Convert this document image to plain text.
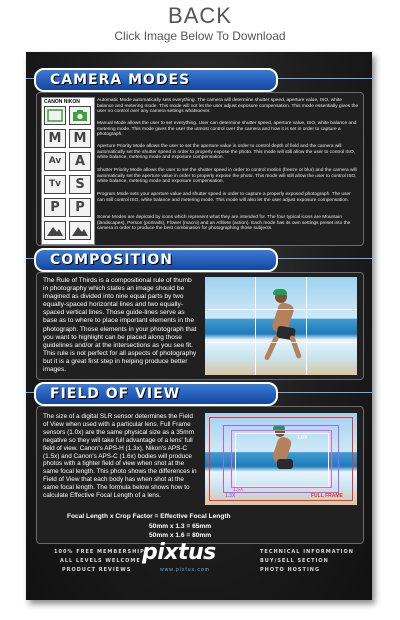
BACK
Click Image Below To Download
CAMERA MODES
CANON NIKON
M M
Av	A
Tv	S
P	P
Automatic Mode automatically sets everything. The camera will determine shutter speed, aperture value, ISO, white balance and metering mode. This mode will not let the user adjust exposure compensation. This mode essentially gives the user no control over any camera settings whatsoever.
Manual Mode allows the user to set everything. User can determine shutter speed, aperture value, ISO, white balance and metering mode. This mode gives the user the utmost control over the camera and how it is set in order to capture a photograph.
Aperture Priority Mode allows the user to set the aperture value in order to control depth of field and the camera will automatically set the shutter speed in order to properly expose the photo. This mode will still allow the user to control ISO, white balance, metering mode and exposure compensation.
Shutter Priority Mode allows the user to set the shutter speed in order to control motion (freeze or blur) and the camera will automatically set the aperture value in order to properly expose the photo. This mode will still allow the user to control ISO, white balance, metering mode and exposure compensation.
Program Mode sets your aperture value and shutter speed in order to capture a properly exposed photograph. The user can still control ISO, white balance and metering mode. This mode will also let the user adjust exposure compensation.
Scene Modes are depicted by icons which represent what they are intended for. The four typical icons are Mountain (landscapes), Person (portraits), Flower (macro) and an Athlete (action). Each mode has its own settings preset into the camera in order to produce the best combination for photographing those subjects.
COMPOSITION
The Rule of Thirds is a compositional rule of thumb in photography which states an image should be imagined as divided into nine equal parts by two equally-spaced horizontal lines and two equally-spaced vertical lines. Those guide-lines serve as base as to where to place important elements in the photograph. Those elements in your photograph that you want to highlight can be placed along those guidelines and/or at the intersections as you see fit. This rule is not perfect for all aspects of photography but it is a great first step in helping produce better images.
FIELD OF VIEW
The size of a digital SLR sensor determines the Field of View when used with a particular lens. Full Frame sensors (1.0x) are the same physical size as a 35mm negative so they will take full advantage of a lens' full field of view. Canon's APS-H (1.3x), Nikon's APS-C (1.5x) and Canon's APS-C (1.6x) bodies will produce photos with a tighter field of view when shot at the same focal length. This photo shows the differences in Field of View that each body has when shot at the same focal length. The formula below shows how to calculate Effective Focal Length of a lens.
1.6X
1.5X
1.3X	FULL FRAME
Focal Length x Crop Factor = Effective Focal Length
50mm x 1.3 = 65mm
50mm x 1.6 = 80mm
100% FREE MEMBERSHIP
ALL LEVELS WELCOME
PRODUCT REVIEWS
TECHNICAL INFORMATION
BUY/SELL SECTION
PHOTO HOSTING
pixtus
www.pixtus.com
